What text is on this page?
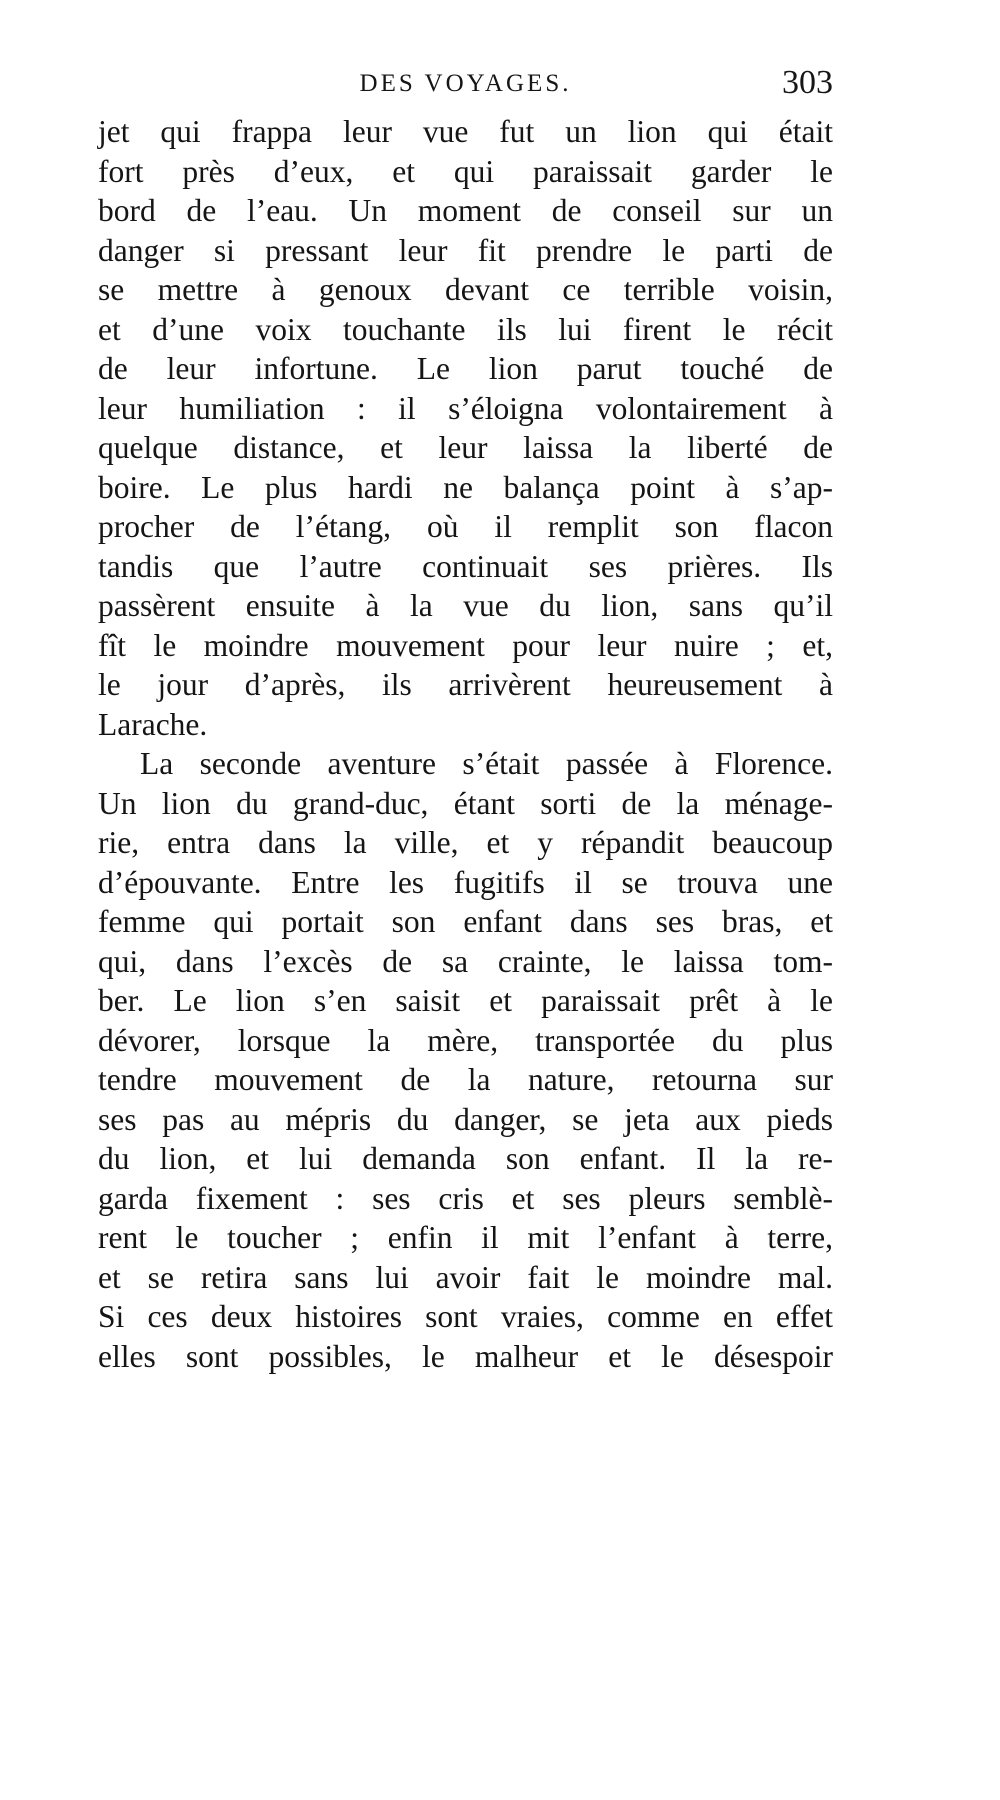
DES VOYAGES.	303
jet qui frappa leur vue fut un lion qui était
fort près d’eux, et qui paraissait garder le
bord de l’eau. Un moment de conseil sur un
danger si pressant leur fit prendre le parti de
se mettre à genoux devant ce terrible voisin,
et d’une voix touchante ils lui firent le récit
de leur infortune. Le lion parut touché de
leur humiliation : il s’éloigna volontairement à
quelque distance, et leur laissa la liberté de
boire. Le plus hardi ne balança point à s’ap-
procher de l’étang, où il remplit son flacon
tandis que l’autre continuait ses prières. Ils
passèrent ensuite à la vue du lion, sans qu’il
fît le moindre mouvement pour leur nuire ; et,
le jour d’après, ils arrivèrent heureusement à
Larache.
La seconde aventure s’était passée à Florence.
Un lion du grand-duc, étant sorti de la ménage-
rie, entra dans la ville, et y répandit beaucoup
d’épouvante. Entre les fugitifs il se trouva une
femme qui portait son enfant dans ses bras, et
qui, dans l’excès de sa crainte, le laissa tom-
ber. Le lion s’en saisit et paraissait prêt à le
dévorer, lorsque la mère, transportée du plus
tendre mouvement de la nature, retourna sur
ses pas au mépris du danger, se jeta aux pieds
du lion, et lui demanda son enfant. Il la re-
garda fixement : ses cris et ses pleurs semblè-
rent le toucher ; enfin il mit l’enfant à terre,
et se retira sans lui avoir fait le moindre mal.
Si ces deux histoires sont vraies, comme en effet
elles sont possibles, le malheur et le désespoir
